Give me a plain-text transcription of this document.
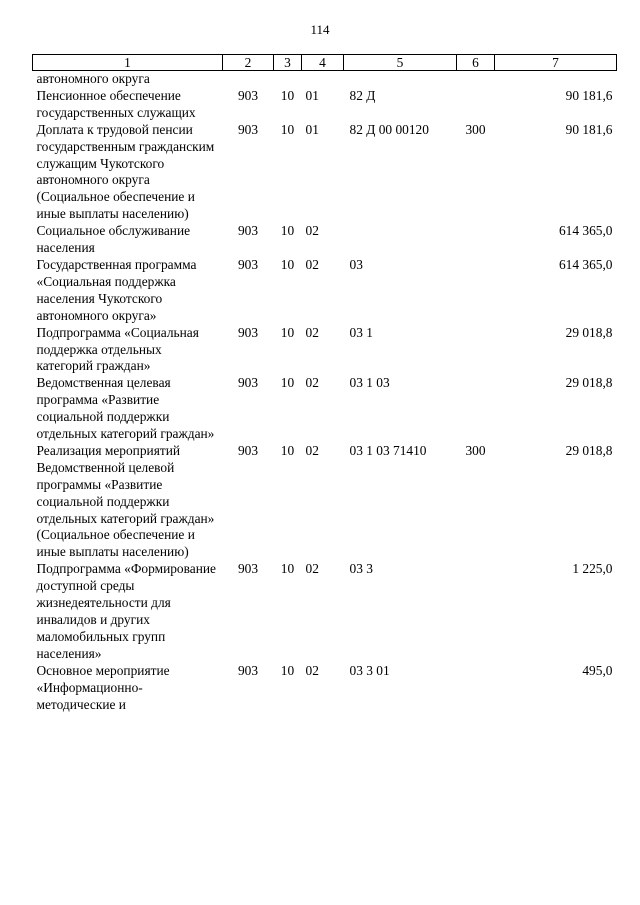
114
1	2	3	4	5	6	7
автономного округа						
Пенсионное обеспечение государственных служащих	903	10	01	82 Д		90 181,6
Доплата к трудовой пенсии государственным гражданским служащим Чукотского автономного округа (Социальное обеспечение и иные выплаты населению)	903	10	01	82 Д 00 00120	300	90 181,6
Социальное обслуживание населения	903	10	02			614 365,0
Государственная программа «Социальная поддержка населения Чукотского автономного округа»	903	10	02	03		614 365,0
Подпрограмма «Социальная поддержка отдельных категорий граждан»	903	10	02	03 1		29 018,8
Ведомственная целевая программа «Развитие социальной поддержки отдельных категорий граждан»	903	10	02	03 1 03		29 018,8
Реализация мероприятий Ведомственной целевой программы «Развитие социальной поддержки отдельных категорий граждан» (Социальное обеспечение и иные выплаты населению)	903	10	02	03 1 03 71410	300	29 018,8
Подпрограмма «Формирование доступной среды жизнедеятельности для инвалидов и других маломобильных групп населения»	903	10	02	03 3		1 225,0
Основное мероприятие «Информационно-методические и	903	10	02	03 3 01		495,0
